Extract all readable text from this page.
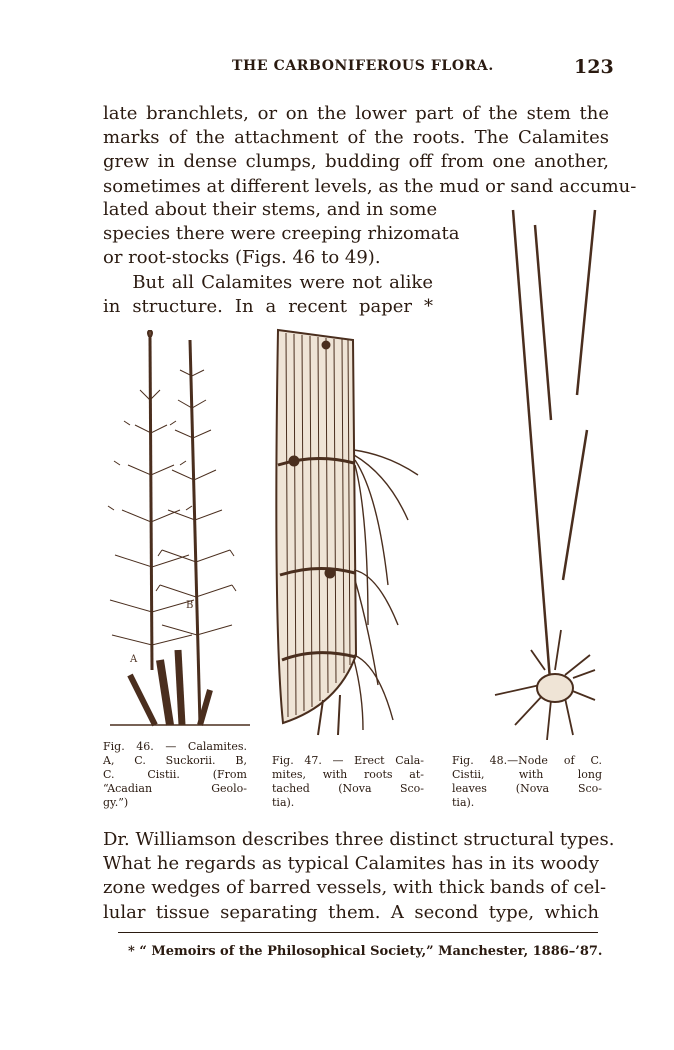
THE CARBONIFEROUS FLORA.	123
late branchlets, or on the lower part of the stem the
marks of the attachment of the roots. The Calamites
grew in dense clumps, budding off from one another,
sometimes at different levels, as the mud or sand accumu-
lated about their stems, and in some
species there were creeping rhizomata
or root-stocks (Figs. 46 to 49).
But all Calamites were not alike
in structure. In a recent paper *
A
B
Fig. 46. — Calamites.
A, C. Suckorii. B,
C. Cistii. (From
“Acadian Geolo-
gy.”)
Fig. 47. — Erect Cala-
mites, with roots at-
tached (Nova Sco-
tia).
Fig. 48.—Node of C.
Cistii, with long
leaves (Nova Sco-
tia).
Dr. Williamson describes three distinct structural types.
What he regards as typical Calamites has in its woody
zone wedges of barred vessels, with thick bands of cel-
lular tissue separating them. A second type, which
* “ Memoirs of the Philosophical Society,” Manchester, 1886–’87.
